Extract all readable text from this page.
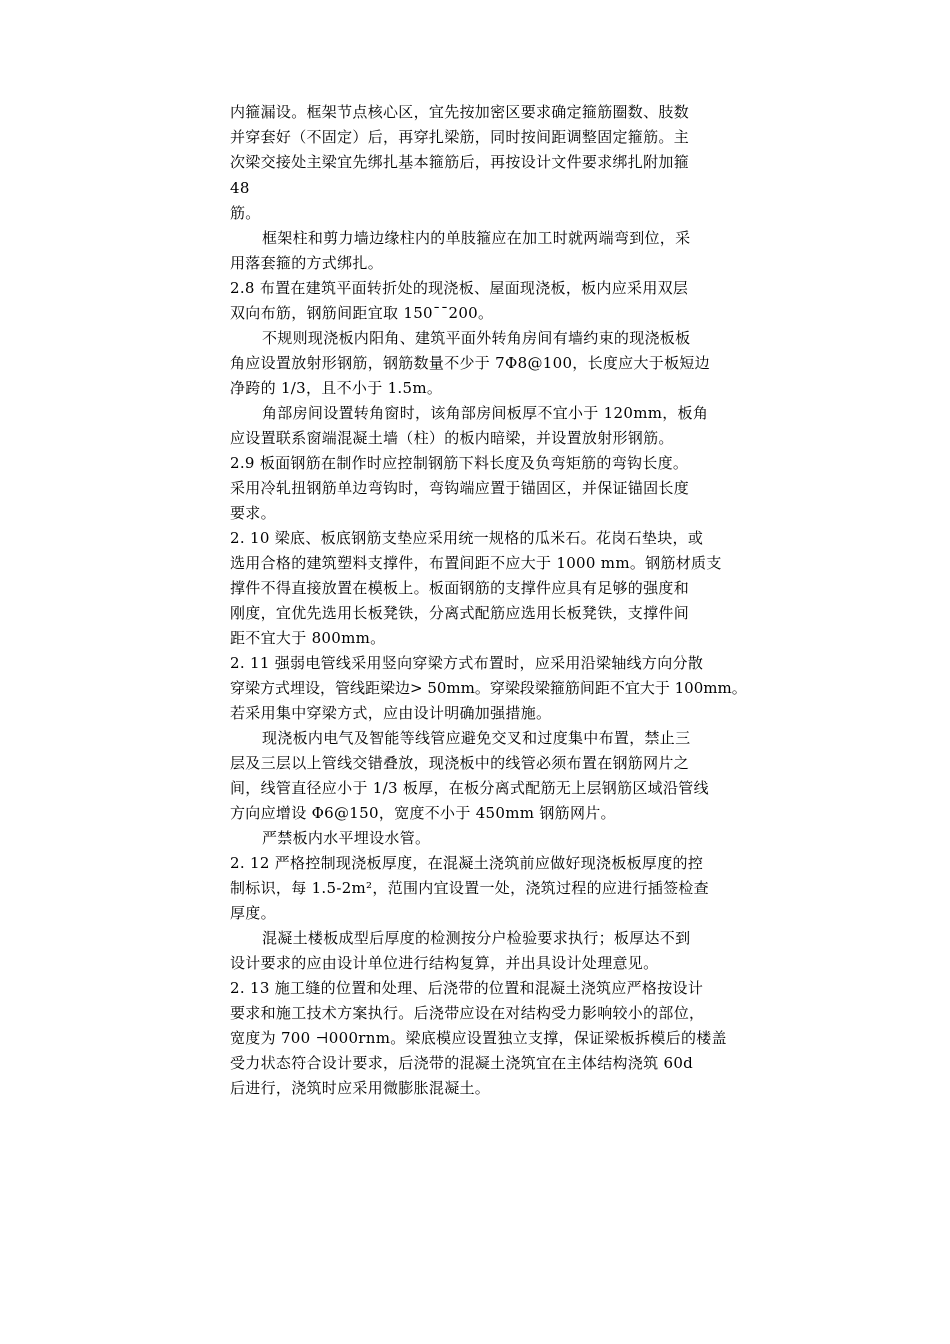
内箍漏设。框架节点核心区，宜先按加密区要求确定箍筋圈数、肢数
并穿套好（不固定）后，再穿扎梁筋，同时按间距调整固定箍筋。主
次梁交接处主梁宜先绑扎基本箍筋后，再按设计文件要求绑扎附加箍
48
筋。
框架柱和剪力墙边缘柱内的单肢箍应在加工时就两端弯到位，采
用落套箍的方式绑扎。
2.8 布置在建筑平面转折处的现浇板、屋面现浇板，板内应采用双层
双向布筋，钢筋间距宜取 150¯¯200。
不规则现浇板内阳角、建筑平面外转角房间有墙约束的现浇板板
角应设置放射形钢筋，钢筋数量不少于 7Φ8@100，长度应大于板短边
净跨的 1/3，且不小于 1.5m。
角部房间设置转角窗时，该角部房间板厚不宜小于 120mm，板角
应设置联系窗端混凝土墙（柱）的板内暗梁，并设置放射形钢筋。
2.9 板面钢筋在制作时应控制钢筋下料长度及负弯矩筋的弯钩长度。
采用冷轧扭钢筋单边弯钩时，弯钩端应置于锚固区，并保证锚固长度
要求。
2. 10 梁底、板底钢筋支垫应采用统一规格的瓜米石。花岗石垫块，或
选用合格的建筑塑料支撑件，布置间距不应大于 1000 mm。钢筋材质支
撑件不得直接放置在模板上。板面钢筋的支撑件应具有足够的强度和
刚度，宜优先选用长板凳铁，分离式配筋应选用长板凳铁，支撑件间
距不宜大于 800mm。
2. 11 强弱电管线采用竖向穿梁方式布置时，应采用沿梁轴线方向分散
穿梁方式埋设，管线距梁边> 50mm。穿梁段梁箍筋间距不宜大于 100mm。
若采用集中穿梁方式，应由设计明确加强措施。
现浇板内电气及智能等线管应避免交叉和过度集中布置，禁止三
层及三层以上管线交错叠放，现浇板中的线管必须布置在钢筋网片之
间，线管直径应小于 1/3 板厚，在板分离式配筋无上层钢筋区域沿管线
方向应增设 Φ6@150，宽度不小于 450mm 钢筋网片。
严禁板内水平埋设水管。
2. 12 严格控制现浇板厚度，在混凝土浇筑前应做好现浇板板厚度的控
制标识，每 1.5-2m²，范围内宜设置一处，浇筑过程的应进行插签检查
厚度。
混凝土楼板成型后厚度的检测按分户检验要求执行；板厚达不到
设计要求的应由设计单位进行结构复算，并出具设计处理意见。
2. 13 施工缝的位置和处理、后浇带的位置和混凝土浇筑应严格按设计
要求和施工技术方案执行。后浇带应设在对结构受力影响较小的部位，
宽度为 700 ⊣000rnm。梁底模应设置独立支撑，保证梁板拆模后的楼盖
受力状态符合设计要求，后浇带的混凝土浇筑宜在主体结构浇筑 60d
后进行，浇筑时应采用微膨胀混凝土。
